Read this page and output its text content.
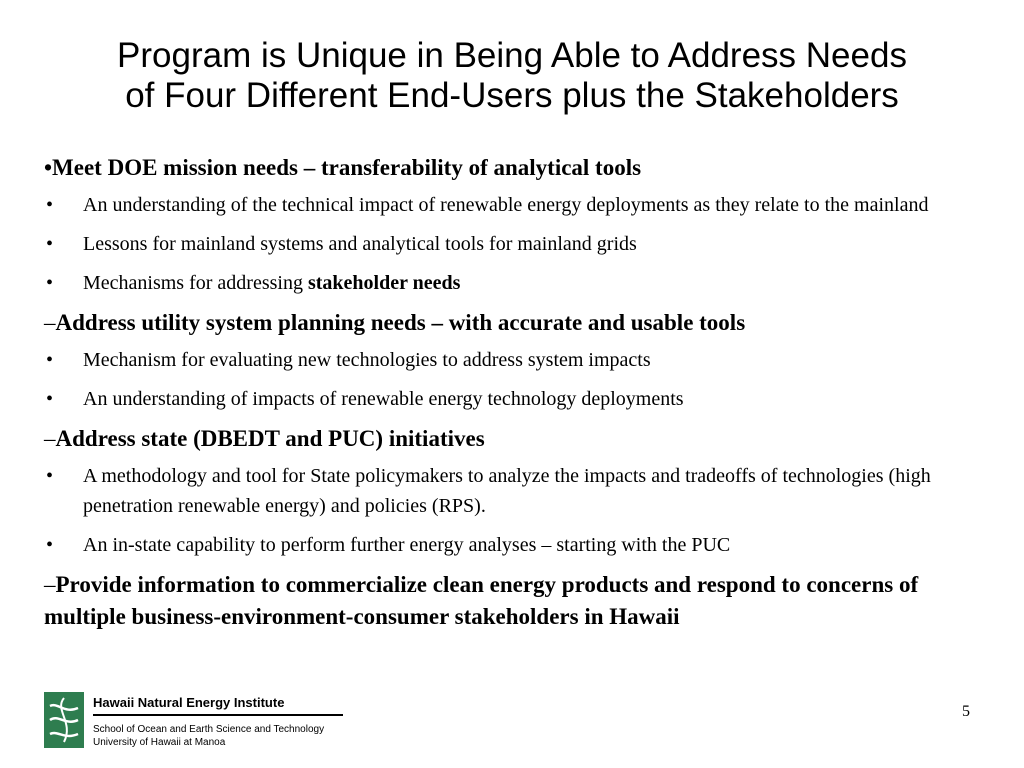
Program is Unique in Being Able to Address Needs
of Four Different End-Users plus the Stakeholders
•Meet DOE mission needs – transferability of analytical tools
• An understanding of the technical impact of renewable energy deployments as they relate to the mainland
• Lessons for mainland systems and analytical tools for mainland grids
• Mechanisms for addressing stakeholder needs
–Address utility system planning needs – with accurate and usable tools
• Mechanism for evaluating new technologies to address system impacts
• An understanding of impacts of renewable energy technology deployments
–Address state (DBEDT and PUC) initiatives
• A methodology and tool for State policymakers to analyze the impacts and tradeoffs of technologies (high penetration renewable energy) and policies (RPS).
• An in-state capability to perform further energy analyses – starting with the PUC
–Provide information to commercialize clean energy products and respond to concerns of multiple business-environment-consumer stakeholders in Hawaii
Hawaii Natural Energy Institute
School of Ocean and Earth Science and Technology
University of Hawaii at Manoa
5
